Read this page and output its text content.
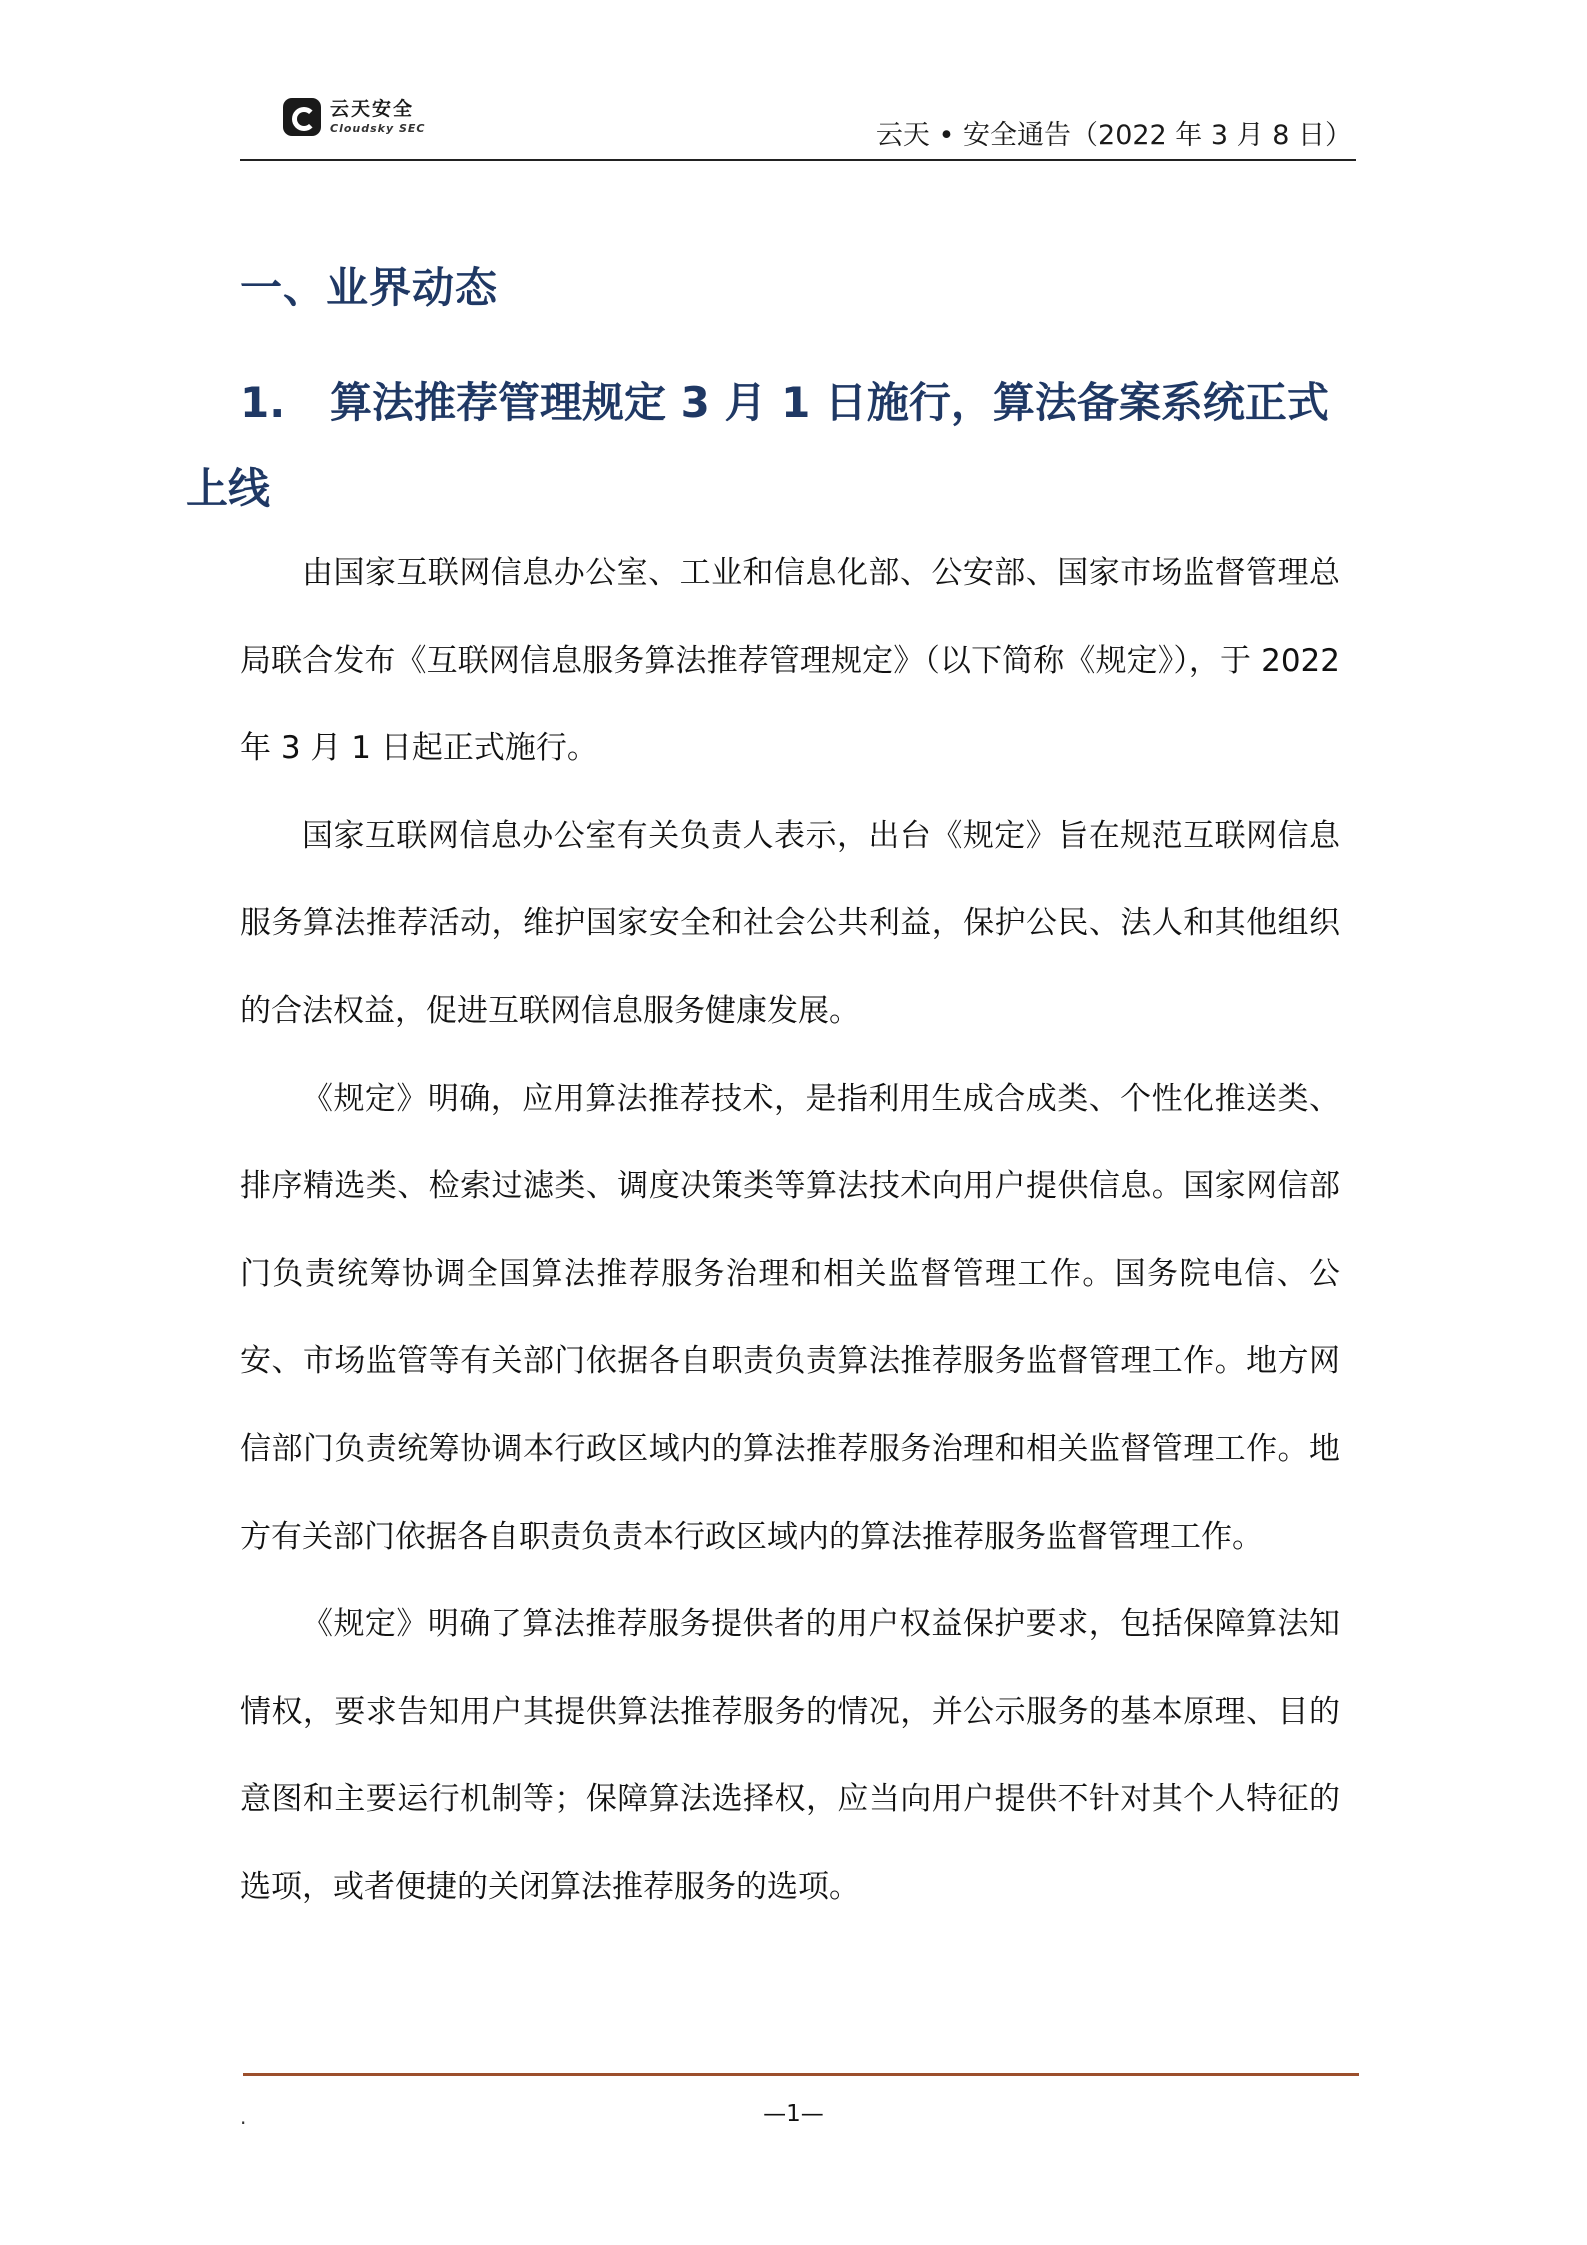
云天安全
Cloudsky SEC	云天 • 安全通告（2022 年 3 月 8 日）
一、业界动态
1. 算法推荐管理规定 3 月 1 日施行，算法备案系统正式上线

由国家互联网信息办公室、工业和信息化部、公安部、国家市场监督管理总局联合发布《互联网信息服务算法推荐管理规定》（以下简称《规定》），于 2022 年 3 月 1 日起正式施行。

国家互联网信息办公室有关负责人表示，出台《规定》旨在规范互联网信息服务算法推荐活动，维护国家安全和社会公共利益，保护公民、法人和其他组织的合法权益，促进互联网信息服务健康发展。

《规定》明确，应用算法推荐技术，是指利用生成合成类、个性化推送类、排序精选类、检索过滤类、调度决策类等算法技术向用户提供信息。国家网信部门负责统筹协调全国算法推荐服务治理和相关监督管理工作。国务院电信、公安、市场监管等有关部门依据各自职责负责算法推荐服务监督管理工作。地方网信部门负责统筹协调本行政区域内的算法推荐服务治理和相关监督管理工作。地方有关部门依据各自职责负责本行政区域内的算法推荐服务监督管理工作。

《规定》明确了算法推荐服务提供者的用户权益保护要求，包括保障算法知情权，要求告知用户其提供算法推荐服务的情况，并公示服务的基本原理、目的意图和主要运行机制等；保障算法选择权，应当向用户提供不针对其个人特征的选项，或者便捷的关闭算法推荐服务的选项。

.	—1—
